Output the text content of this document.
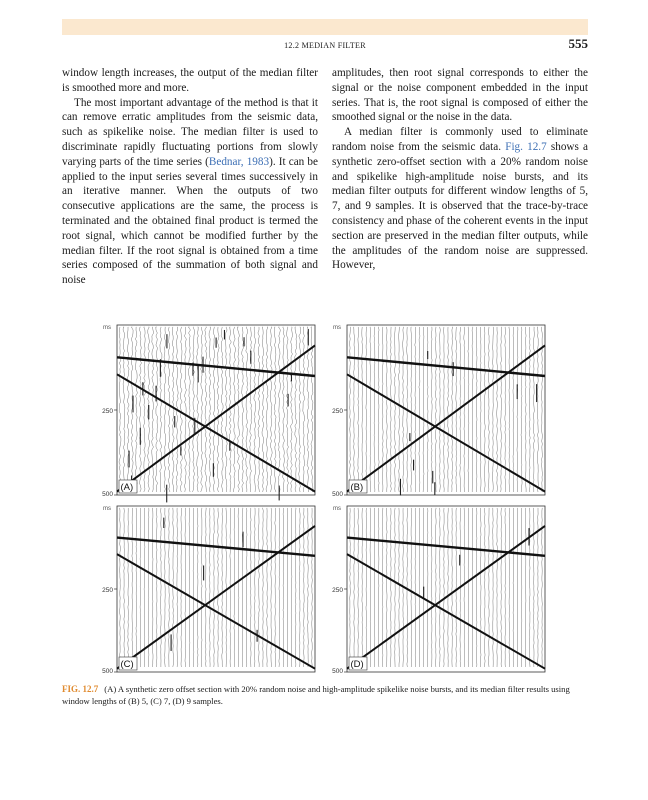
12.2 MEDIAN FILTER	555

window length increases, the output of the median filter is smoothed more and more.

The most important advantage of the method is that it can remove erratic amplitudes from the seismic data, such as spikelike noise. The median filter is used to discriminate rapidly fluctuating portions from slowly varying parts of the time series (Bednar, 1983). It can be applied to the input series several times successively in an iterative manner. When the outputs of two consecutive applications are the same, the process is terminated and the obtained final product is termed the root signal, which cannot be modified further by the median filter. If the root signal is obtained from a time series composed of the summation of both signal and noise

amplitudes, then root signal corresponds to either the signal or the noise component embedded in the input series. That is, the root signal is composed of either the smoothed signal or the noise in the data.

A median filter is commonly used to eliminate random noise from the seismic data. Fig. 12.7 shows a synthetic zero-offset section with a 20% random noise and spikelike high-amplitude noise bursts, and its median filter outputs for different window lengths of 5, 7, and 9 samples. It is observed that the trace-by-trace consistency and phase of the coherent events in the input section are preserved in the median filter outputs, while the amplitudes of the random noise are suppressed. However,

ms
250
500
(A)
ms
250
500
(B)
ms
250
500
(C)
ms
250
500
(D)
FIG. 12.7 (A) A synthetic zero offset section with 20% random noise and high-amplitude spikelike noise bursts, and its median filter results using window lengths of (B) 5, (C) 7, (D) 9 samples.
